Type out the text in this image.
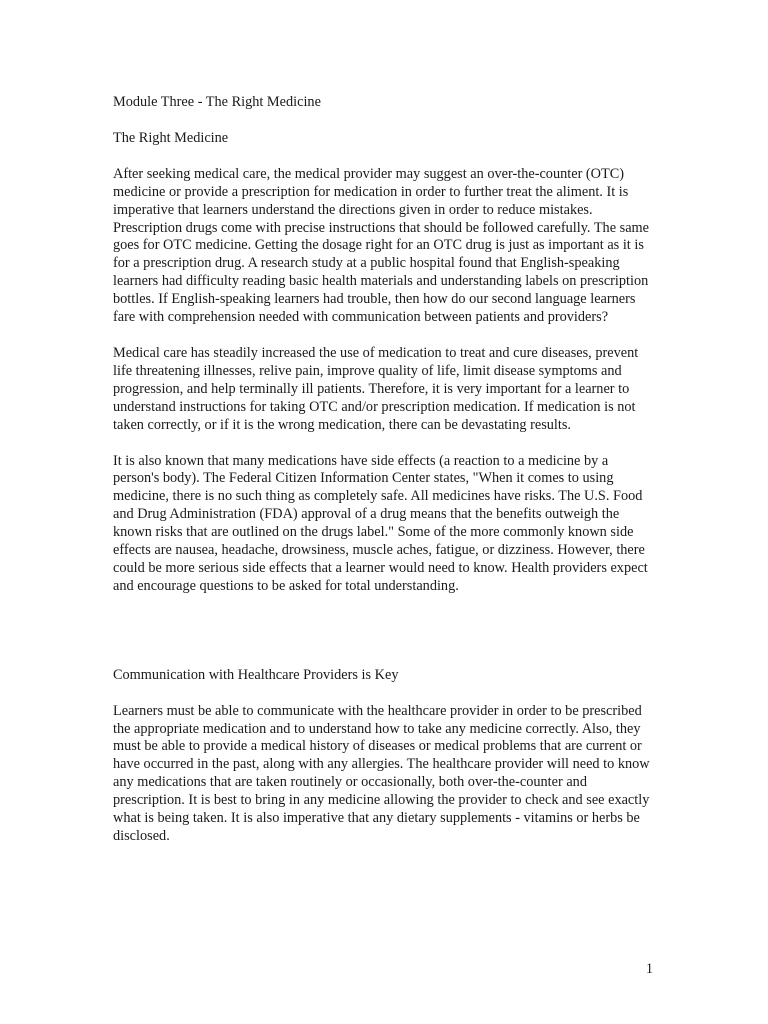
Module Three - The Right Medicine

The Right Medicine

After seeking medical care, the medical provider may suggest an over-the-counter (OTC) medicine or provide a prescription for medication in order to further treat the aliment. It is imperative that learners understand the directions given in order to reduce mistakes. Prescription drugs come with precise instructions that should be followed carefully. The same goes for OTC medicine. Getting the dosage right for an OTC drug is just as important as it is for a prescription drug. A research study at a public hospital found that English-speaking learners had difficulty reading basic health materials and understanding labels on prescription bottles. If English-speaking learners had trouble, then how do our second language learners fare with comprehension needed with communication between patients and providers?

Medical care has steadily increased the use of medication to treat and cure diseases, prevent life threatening illnesses, relive pain, improve quality of life, limit disease symptoms and progression, and help terminally ill patients. Therefore, it is very important for a learner to understand instructions for taking OTC and/or prescription medication. If medication is not taken correctly, or if it is the wrong medication, there can be devastating results.

It is also known that many medications have side effects (a reaction to a medicine by a person's body). The Federal Citizen Information Center states, "When it comes to using medicine, there is no such thing as completely safe. All medicines have risks. The U.S. Food and Drug Administration (FDA) approval of a drug means that the benefits outweigh the known risks that are outlined on the drugs label." Some of the more commonly known side effects are nausea, headache, drowsiness, muscle aches, fatigue, or dizziness. However, there could be more serious side effects that a learner would need to know. Health providers expect and encourage questions to be asked for total understanding.

Communication with Healthcare Providers is Key

Learners must be able to communicate with the healthcare provider in order to be prescribed the appropriate medication and to understand how to take any medicine correctly. Also, they must be able to provide a medical history of diseases or medical problems that are current or have occurred in the past, along with any allergies. The healthcare provider will need to know any medications that are taken routinely or occasionally, both over-the-counter and prescription. It is best to bring in any medicine allowing the provider to check and see exactly what is being taken. It is also imperative that any dietary supplements - vitamins or herbs be disclosed.

1
